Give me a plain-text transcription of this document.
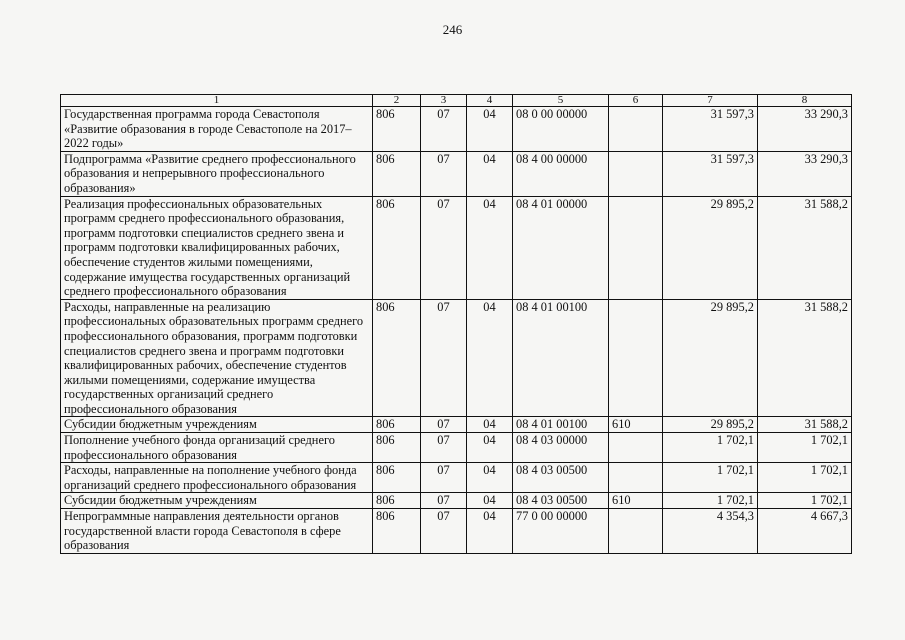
246
1	2	3	4	5	6	7	8
Государственная программа города Севастополя «Развитие образования в городе Севастополе на 2017–2022 годы»	806	07	04	08 0 00 00000		31 597,3	33 290,3
Подпрограмма «Развитие среднего профессионального образования и непрерывного профессионального образования»	806	07	04	08 4 00 00000		31 597,3	33 290,3
Реализация профессиональных образовательных программ среднего профессионального образования, программ подготовки специалистов среднего звена и программ подготовки квалифицированных рабочих, обеспечение студентов жилыми помещениями, содержание имущества государственных организаций среднего профессионального образования	806	07	04	08 4 01 00000		29 895,2	31 588,2
Расходы, направленные на реализацию профессиональных образовательных программ среднего профессионального образования, программ подготовки специалистов среднего звена и программ подготовки квалифицированных рабочих, обеспечение студентов жилыми помещениями, содержание имущества государственных организаций среднего профессионального образования	806	07	04	08 4 01 00100		29 895,2	31 588,2
Субсидии бюджетным учреждениям	806	07	04	08 4 01 00100	610	29 895,2	31 588,2
Пополнение учебного фонда организаций среднего профессионального образования	806	07	04	08 4 03 00000		1 702,1	1 702,1
Расходы, направленные на пополнение учебного фонда организаций среднего профессионального образования	806	07	04	08 4 03 00500		1 702,1	1 702,1
Субсидии бюджетным учреждениям	806	07	04	08 4 03 00500	610	1 702,1	1 702,1
Непрограммные направления деятельности органов государственной власти города Севастополя в сфере образования	806	07	04	77 0 00 00000		4 354,3	4 667,3
